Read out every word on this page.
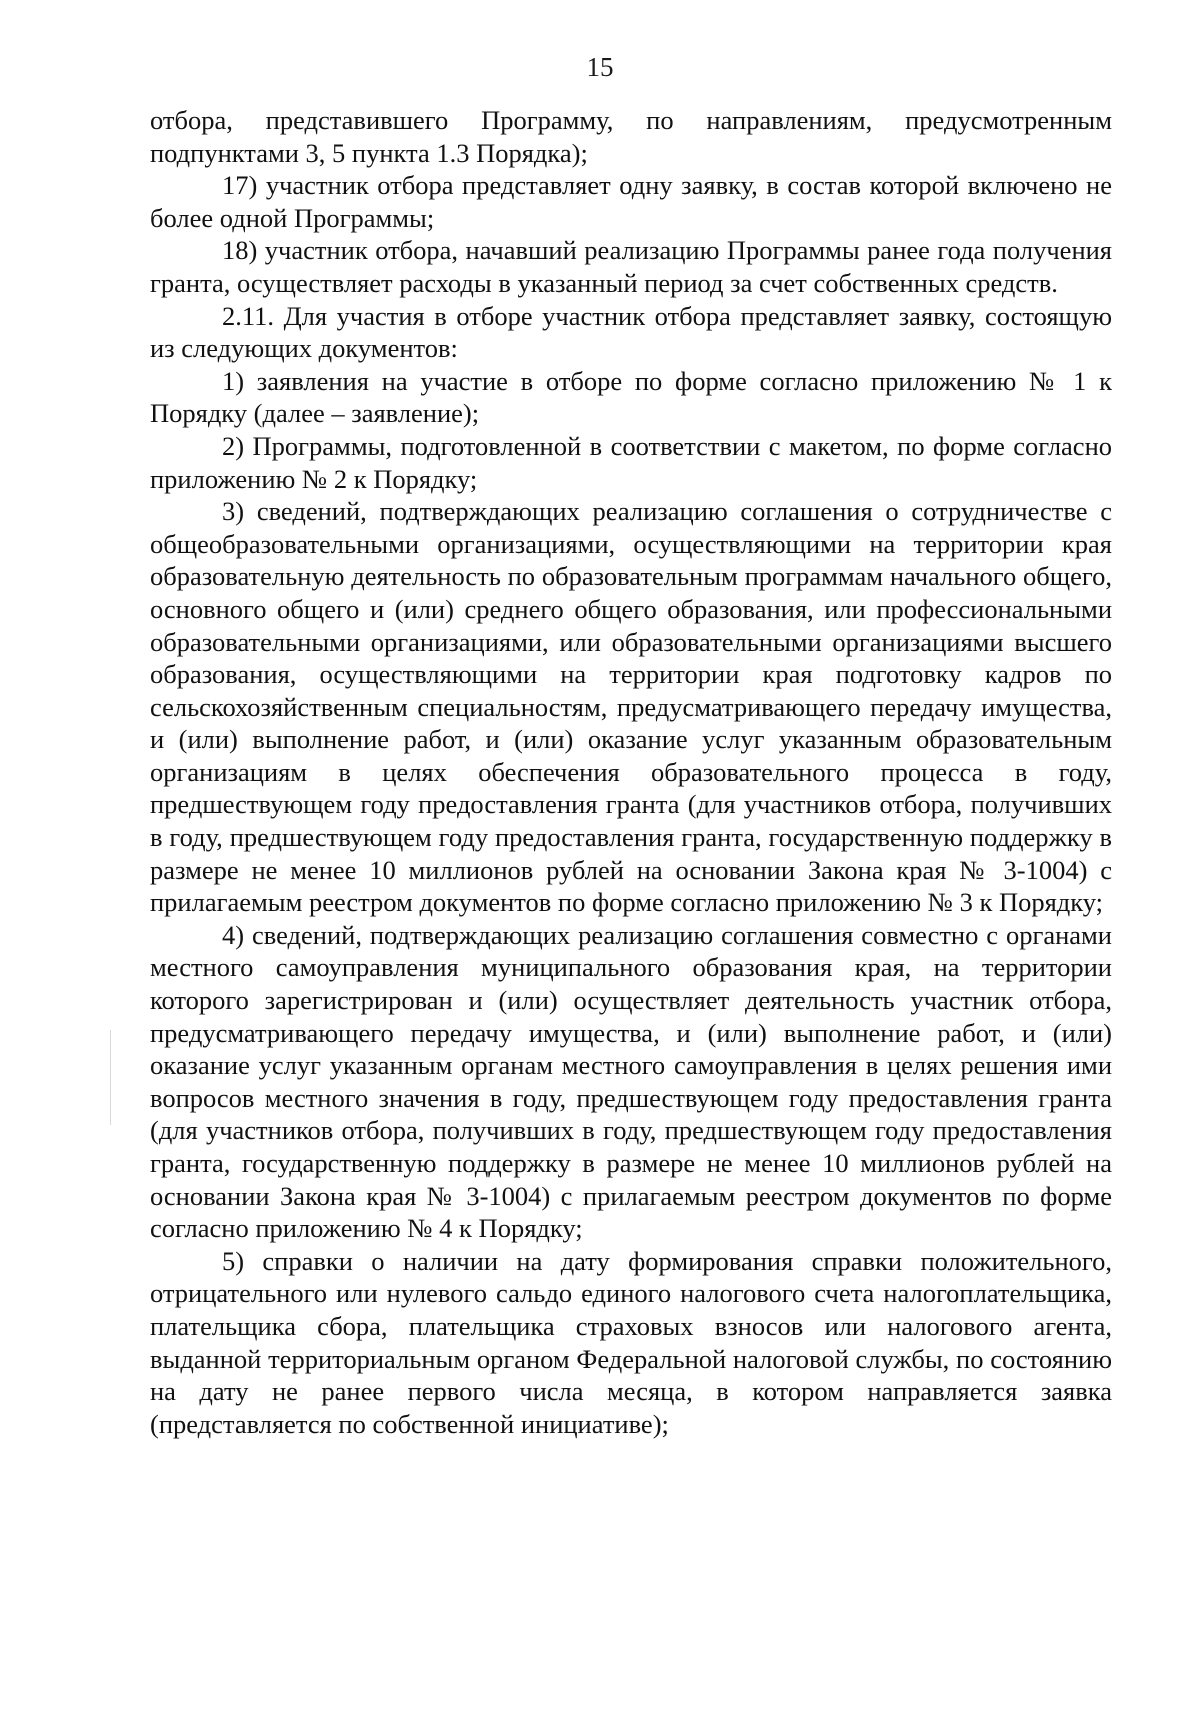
15

отбора, представившего Программу, по направлениям, предусмотренным подпунктами 3, 5 пункта 1.3 Порядка);

17) участник отбора представляет одну заявку, в состав которой включено не более одной Программы;

18) участник отбора, начавший реализацию Программы ранее года получения гранта, осуществляет расходы в указанный период за счет собственных средств.

2.11. Для участия в отборе участник отбора представляет заявку, состоящую из следующих документов:

1) заявления на участие в отборе по форме согласно приложению № 1 к Порядку (далее – заявление);

2) Программы, подготовленной в соответствии с макетом, по форме согласно приложению № 2 к Порядку;

3) сведений, подтверждающих реализацию соглашения о сотрудничестве с общеобразовательными организациями, осуществляющими на территории края образовательную деятельность по образовательным программам начального общего, основного общего и (или) среднего общего образования, или профессиональными образовательными организациями, или образовательными организациями высшего образования, осуществляющими на территории края подготовку кадров по сельскохозяйственным специальностям, предусматривающего передачу имущества, и (или) выполнение работ, и (или) оказание услуг указанным образовательным организациям в целях обеспечения образовательного процесса в году, предшествующем году предоставления гранта (для участников отбора, получивших в году, предшествующем году предоставления гранта, государственную поддержку в размере не менее 10 миллионов рублей на основании Закона края № 3-1004) с прилагаемым реестром документов по форме согласно приложению № 3 к Порядку;

4) сведений, подтверждающих реализацию соглашения совместно с органами местного самоуправления муниципального образования края, на территории которого зарегистрирован и (или) осуществляет деятельность участник отбора, предусматривающего передачу имущества, и (или) выполнение работ, и (или) оказание услуг указанным органам местного самоуправления в целях решения ими вопросов местного значения в году, предшествующем году предоставления гранта (для участников отбора, получивших в году, предшествующем году предоставления гранта, государственную поддержку в размере не менее 10 миллионов рублей на основании Закона края № 3-1004) с прилагаемым реестром документов по форме согласно приложению № 4 к Порядку;

5) справки о наличии на дату формирования справки положительного, отрицательного или нулевого сальдо единого налогового счета налогоплательщика, плательщика сбора, плательщика страховых взносов или налогового агента, выданной территориальным органом Федеральной налоговой службы, по состоянию на дату не ранее первого числа месяца, в котором направляется заявка (представляется по собственной инициативе);
